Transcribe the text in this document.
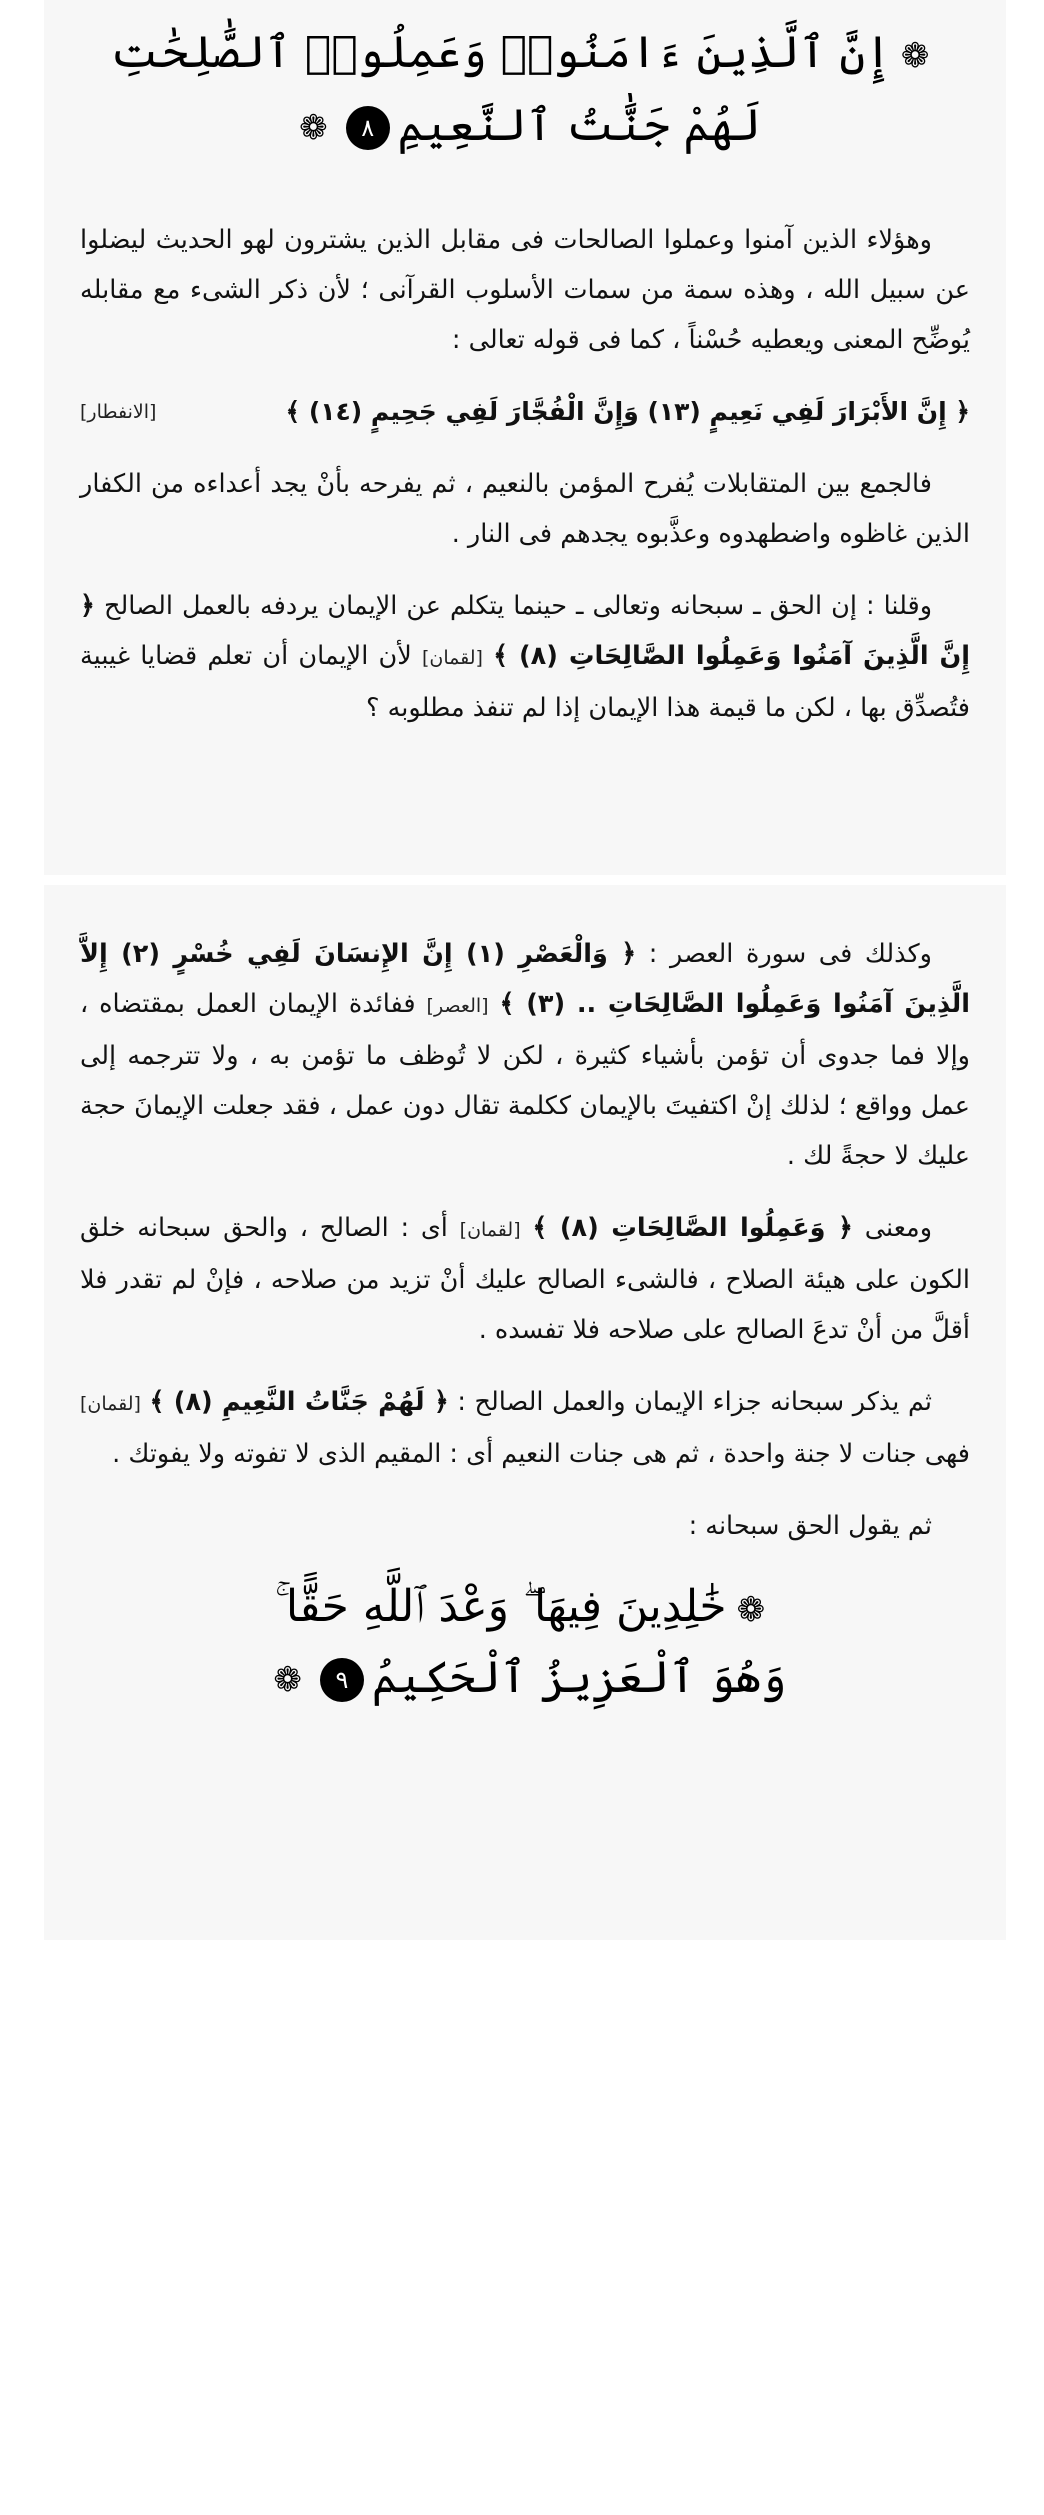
❁إِنَّ ٱلَّذِينَ ءَامَنُوا۟ وَعَمِلُوا۟ ٱلصَّٰلِحَٰتِ
لَهُمْ جَنَّٰتُ ٱلنَّعِيمِ٨❁

وهؤلاء الذين آمنوا وعملوا الصالحات فى مقابل الذين يشترون لهو الحديث ليضلوا عن سبيل الله ، وهذه سمة من سمات الأسلوب القرآنى ؛ لأن ذكر الشىء مع مقابله يُوضِّح المعنى ويعطيه حُسْناً ، كما فى قوله تعالى :

﴿ إِنَّ الأَبْرَارَ لَفِي نَعِيمٍ (١٣) وَإِنَّ الْفُجَّارَ لَفِي جَحِيمٍ (١٤) ﴾
[الانفطار]

فالجمع بين المتقابلات يُفرح المؤمن بالنعيم ، ثم يفرحه بأنْ يجد أعداءه من الكفار الذين غاظوه واضطهدوه وعذَّبوه يجدهم فى النار .

وقلنا : إن الحق ـ سبحانه وتعالى ـ حينما يتكلم عن الإيمان يردفه بالعمل الصالح ﴿ إِنَّ الَّذِينَ آمَنُوا وَعَمِلُوا الصَّالِحَاتِ (٨) ﴾ [لقمان] لأن الإيمان أن تعلم قضايا غيبية فتُصدِّق بها ، لكن ما قيمة هذا الإيمان إذا لم تنفذ مطلوبه ؟

وكذلك فى سورة العصر : ﴿ وَالْعَصْرِ (١) إِنَّ الإِنسَانَ لَفِي خُسْرٍ (٢) إِلاَّ الَّذِينَ آمَنُوا وَعَمِلُوا الصَّالِحَاتِ .. (٣) ﴾ [العصر] ففائدة الإيمان العمل بمقتضاه ، وإلا فما جدوى أن تؤمن بأشياء كثيرة ، لكن لا تُوظف ما تؤمن به ، ولا تترجمه إلى عمل وواقع ؛ لذلك إنْ اكتفيتَ بالإيمان ككلمة تقال دون عمل ، فقد جعلت الإيمانَ حجة عليك لا حجةً لك .

ومعنى ﴿ وَعَمِلُوا الصَّالِحَاتِ (٨) ﴾ [لقمان] أى : الصالح ، والحق سبحانه خلق الكون على هيئة الصلاح ، فالشىء الصالح عليك أنْ تزيد من صلاحه ، فإنْ لم تقدر فلا أقلَّ من أنْ تدعَ الصالح على صلاحه فلا تفسده .

ثم يذكر سبحانه جزاء الإيمان والعمل الصالح : ﴿ لَهُمْ جَنَّاتُ النَّعِيمِ (٨) ﴾ [لقمان] فهى جنات لا جنة واحدة ، ثم هى جنات النعيم أى : المقيم الذى لا تفوته ولا يفوتك .

ثم يقول الحق سبحانه :

❁خَٰلِدِينَ فِيهَا ۖ وَعْدَ ٱللَّهِ حَقًّا ۚ
وَهُوَ ٱلْعَزِيزُ ٱلْحَكِيمُ٩❁
